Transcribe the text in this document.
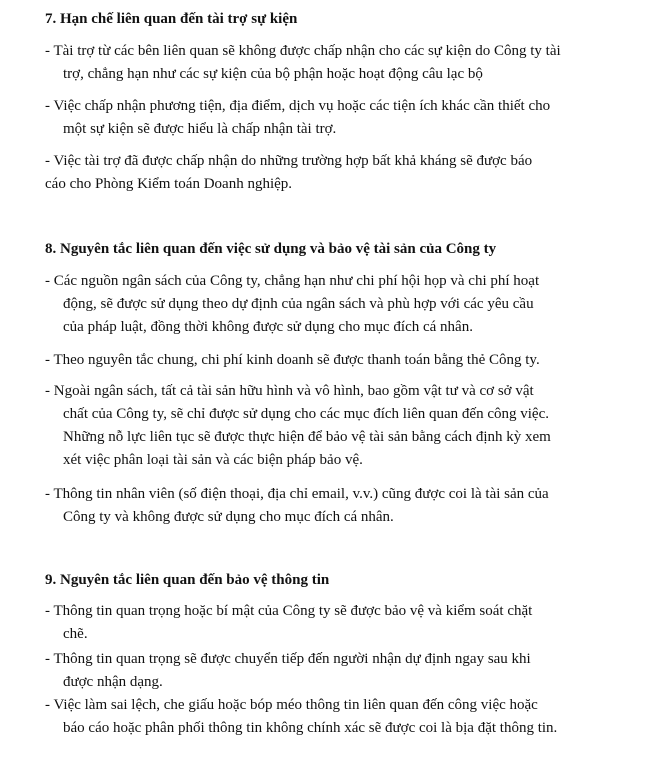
7. Hạn chế liên quan đến tài trợ sự kiện
- Tài trợ từ các bên liên quan sẽ không được chấp nhận cho các sự kiện do Công ty tài
trợ, chẳng hạn như các sự kiện của bộ phận hoặc hoạt động câu lạc bộ
- Việc chấp nhận phương tiện, địa điểm, dịch vụ hoặc các tiện ích khác cần thiết cho
một sự kiện sẽ được hiểu là chấp nhận tài trợ.
- Việc tài trợ đã được chấp nhận do những trường hợp bất khả kháng sẽ được báo
cáo cho Phòng Kiểm toán Doanh nghiệp.
8. Nguyên tắc liên quan đến việc sử dụng và bảo vệ tài sản của Công ty
- Các nguồn ngân sách của Công ty, chẳng hạn như chi phí hội họp và chi phí hoạt
động, sẽ được sử dụng theo dự định của ngân sách và phù hợp với các yêu cầu
của pháp luật, đồng thời không được sử dụng cho mục đích cá nhân.
- Theo nguyên tắc chung, chi phí kinh doanh sẽ được thanh toán bằng thẻ Công ty.
- Ngoài ngân sách, tất cả tài sản hữu hình và vô hình, bao gồm vật tư và cơ sở vật
chất của Công ty, sẽ chỉ được sử dụng cho các mục đích liên quan đến công việc.
Những nỗ lực liên tục sẽ được thực hiện để bảo vệ tài sản bằng cách định kỳ xem
xét việc phân loại tài sản và các biện pháp bảo vệ.
- Thông tin nhân viên (số điện thoại, địa chỉ email, v.v.) cũng được coi là tài sản của
Công ty và không được sử dụng cho mục đích cá nhân.
9. Nguyên tắc liên quan đến bảo vệ thông tin
- Thông tin quan trọng hoặc bí mật của Công ty sẽ được bảo vệ và kiểm soát chặt
chẽ.
- Thông tin quan trọng sẽ được chuyển tiếp đến người nhận dự định ngay sau khi
được nhận dạng.
- Việc làm sai lệch, che giấu hoặc bóp méo thông tin liên quan đến công việc hoặc
báo cáo hoặc phân phối thông tin không chính xác sẽ được coi là bịa đặt thông tin.
